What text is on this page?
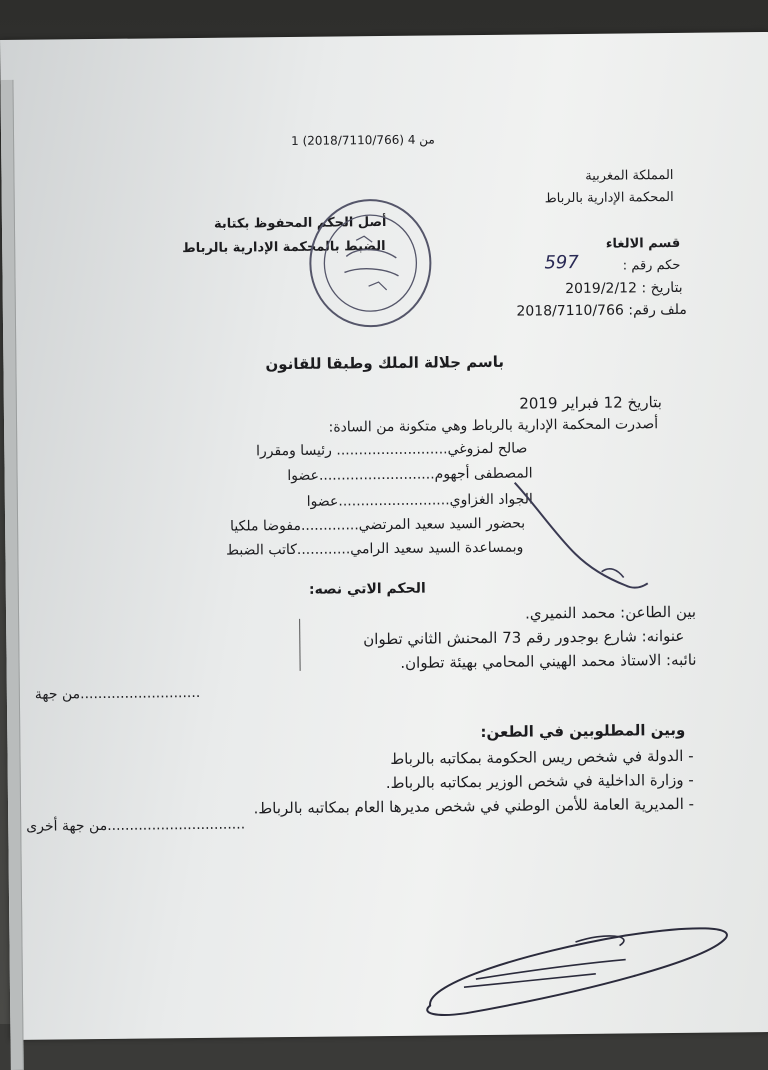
1 من 4 (2018/7110/766)
المملكة المغربية
المحكمة الإدارية بالرباط
أصل الحكم المحفوظ بكتابة
الضبط بالمحكمة الإدارية بالرباط	قسم الالغاء
حكم رقم :
597
بتاريخ : 2019/2/12
ملف رقم: 2018/7110/766
باسم جلالة الملك وطبقا للقانون
بتاريخ 12 فبراير 2019
أصدرت المحكمة الإدارية بالرباط وهي متكونة من السادة:
صالح لمزوغي......................... رئيسا ومقررا
المصطفى أجهوم..........................عضوا
الجواد الغزاوي.........................عضوا
بحضور السيد سعيد المرتضي.............مفوضا ملكيا
وبمساعدة السيد سعيد الرامي............كاتب الضبط
الحكم الاتي نصه:
بين الطاعن: محمد النميري.
عنوانه: شارع بوجدور رقم 73 المحنش الثاني تطوان
نائبه: الاستاذ محمد الهيني المحامي بهيئة تطوان.
...........................من جهة
وبين المطلوبين في الطعن:
- الدولة في شخص ريس الحكومة بمكاتبه بالرباط
- وزارة الداخلية في شخص الوزير بمكاتبه بالرباط.
- المديرية العامة للأمن الوطني في شخص مديرها العام بمكاتبه بالرباط.
...............................من جهة أخرى
